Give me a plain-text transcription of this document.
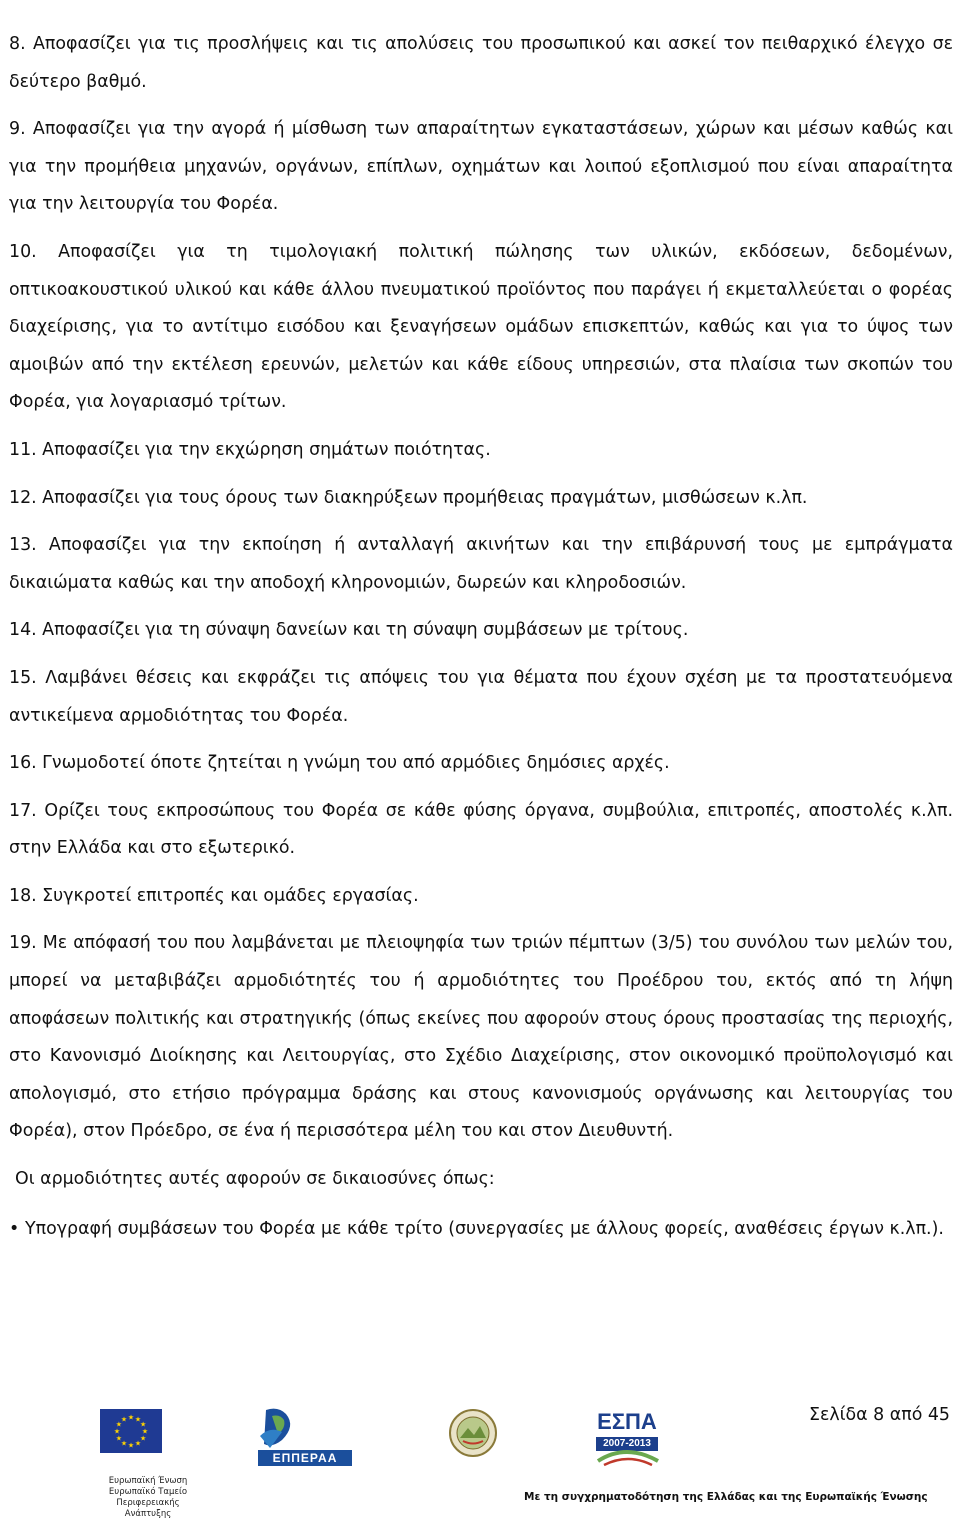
8. Αποφασίζει για τις προσλήψεις και τις απολύσεις του προσωπικού και ασκεί τον πειθαρχικό έλεγχο σε δεύτερο βαθμό.

9. Αποφασίζει για την αγορά ή μίσθωση των απαραίτητων εγκαταστάσεων, χώρων και μέσων καθώς και για την προμήθεια μηχανών, οργάνων, επίπλων, οχημάτων και λοιπού εξοπλισμού που είναι απαραίτητα για την λειτουργία του Φορέα.

10. Αποφασίζει για τη τιμολογιακή πολιτική πώλησης των υλικών, εκδόσεων, δεδομένων, οπτικοακουστικού υλικού και κάθε άλλου πνευματικού προϊόντος που παράγει ή εκμεταλλεύεται ο φορέας διαχείρισης, για το αντίτιμο εισόδου και ξεναγήσεων ομάδων επισκεπτών, καθώς και για το ύψος των αμοιβών από την εκτέλεση ερευνών, μελετών και κάθε είδους υπηρεσιών, στα πλαίσια των σκοπών του Φορέα, για λογαριασμό τρίτων.

11. Αποφασίζει για την εκχώρηση σημάτων ποιότητας.

12. Αποφασίζει για τους όρους των διακηρύξεων προμήθειας πραγμάτων, μισθώσεων κ.λπ.

13. Αποφασίζει για την εκποίηση ή ανταλλαγή ακινήτων και την επιβάρυνσή τους με εμπράγματα δικαιώματα καθώς και την αποδοχή κληρονομιών, δωρεών και κληροδοσιών.

14. Αποφασίζει για τη σύναψη δανείων και τη σύναψη συμβάσεων με τρίτους.

15. Λαμβάνει θέσεις και εκφράζει τις απόψεις του για θέματα που έχουν σχέση με τα προστατευόμενα αντικείμενα αρμοδιότητας του Φορέα.

16. Γνωμοδοτεί όποτε ζητείται η γνώμη του από αρμόδιες δημόσιες αρχές.

17. Ορίζει τους εκπροσώπους του Φορέα σε κάθε φύσης όργανα, συμβούλια, επιτροπές, αποστολές κ.λπ. στην Ελλάδα και στο εξωτερικό.

18. Συγκροτεί επιτροπές και ομάδες εργασίας.

19. Με απόφασή του που λαμβάνεται με πλειοψηφία των τριών πέμπτων (3/5) του συνόλου των μελών του, μπορεί να μεταβιβάζει αρμοδιότητές του ή αρμοδιότητες του Προέδρου του, εκτός από τη λήψη αποφάσεων πολιτικής και στρατηγικής (όπως εκείνες που αφορούν στους όρους προστασίας της περιοχής, στο Κανονισμό Διοίκησης και Λειτουργίας, στο Σχέδιο Διαχείρισης, στον οικονομικό προϋπολογισμό και απολογισμό, στο ετήσιο πρόγραμμα δράσης και στους κανονισμούς οργάνωσης και λειτουργίας του Φορέα), στον Πρόεδρο, σε ένα ή περισσότερα μέλη του και στον Διευθυντή.

Οι αρμοδιότητες αυτές αφορούν σε δικαιοσύνες όπως:

• Υπογραφή συμβάσεων του Φορέα με κάθε τρίτο (συνεργασίες με άλλους φορείς, αναθέσεις έργων κ.λπ.).

Σελίδα 8 από 45
★
★
★
★
★
★
★
★
★ ★ ★
★
ΕΠΠΕΡΑΑ
ΕΣΠΑ
2007-2013
Ευρωπαϊκή Ένωση
Ευρωπαϊκό Ταμείο
Περιφερειακής Ανάπτυξης
Με τη συγχρηματοδότηση της Ελλάδας και της Ευρωπαϊκής Ένωσης
